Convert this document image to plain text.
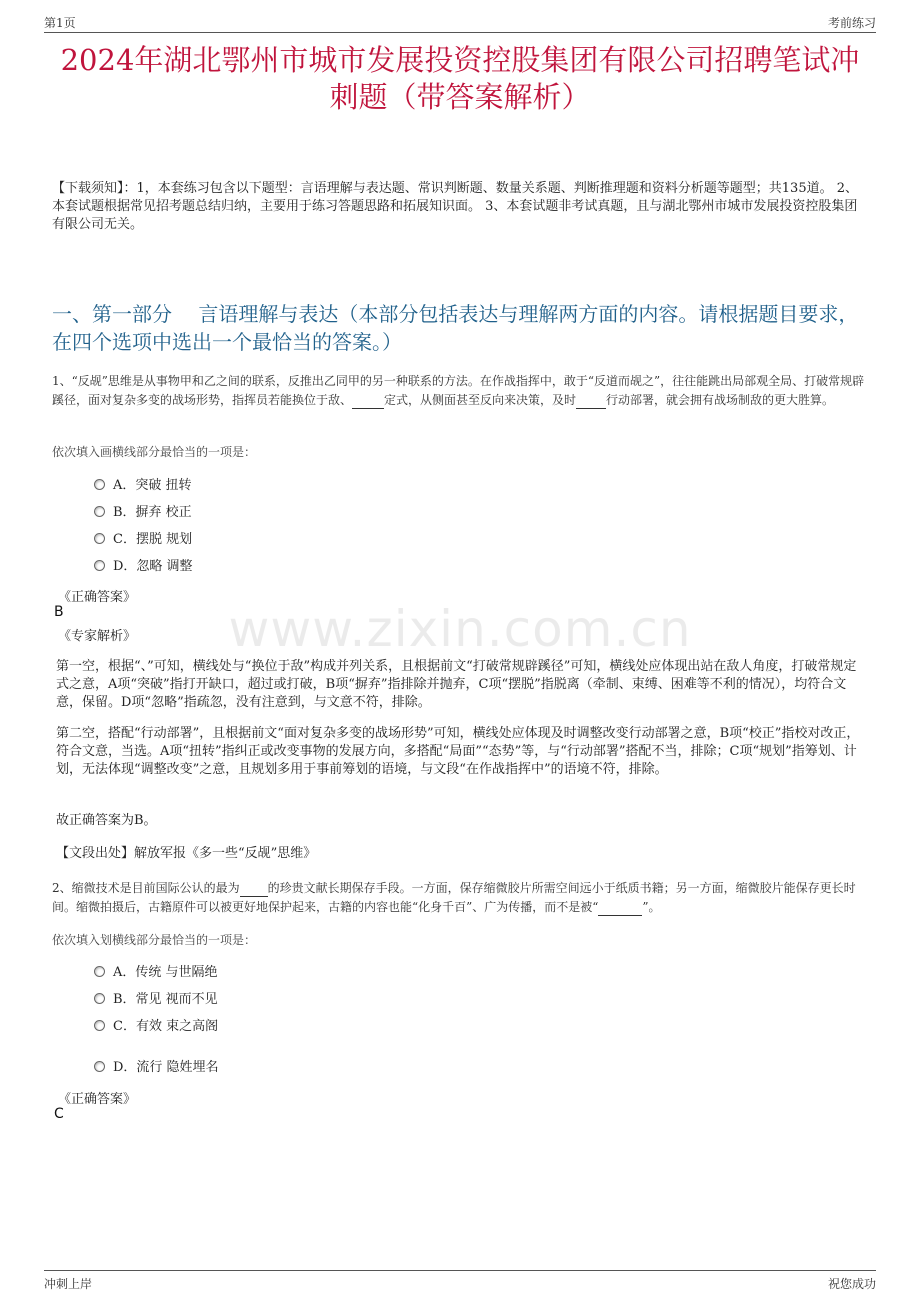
第1页	考前练习
2024年湖北鄂州市城市发展投资控股集团有限公司招聘笔试冲刺题（带答案解析）
【下载须知】：1，本套练习包含以下题型：言语理解与表达题、常识判断题、数量关系题、判断推理题和资料分析题等题型；共135道。 2、本套试题根据常见招考题总结归纳，主要用于练习答题思路和拓展知识面。 3、本套试题非考试真题，且与湖北鄂州市城市发展投资控股集团有限公司无关。
一、第一部分　 言语理解与表达（本部分包括表达与理解两方面的内容。请根据题目要求，在四个选项中选出一个最恰当的答案。）
1、“反觇”思维是从事物甲和乙之间的联系，反推出乙同甲的另一种联系的方法。在作战指挥中，敢于“反道而觇之”，往往能跳出局部观全局、打破常规辟蹊径，面对复杂多变的战场形势，指挥员若能换位于敌、	定式，从侧面甚至反向来决策，及时	行动部署，就会拥有战场制敌的更大胜算。
依次填入画横线部分最恰当的一项是：
A．突破 扭转
B．摒弃 校正
C．摆脱 规划
D．忽略 调整
《正确答案》
B
《专家解析》	www.zixin.com.cn
第一空，根据“、”可知，横线处与“换位于敌”构成并列关系，且根据前文“打破常规辟蹊径”可知，横线处应体现出站在敌人角度，打破常规定式之意，A项“突破”指打开缺口，超过或打破，B项“摒弃”指排除并抛弃，C项“摆脱”指脱离（牵制、束缚、困难等不利的情况），均符合文意，保留。D项“忽略”指疏忽，没有注意到，与文意不符，排除。
第二空，搭配“行动部署”，且根据前文“面对复杂多变的战场形势”可知，横线处应体现及时调整改变行动部署之意，B项“校正”指校对改正，符合文意，当选。A项“扭转”指纠正或改变事物的发展方向，多搭配“局面”“态势”等，与“行动部署”搭配不当，排除；C项“规划”指筹划、计划，无法体现“调整改变”之意，且规划多用于事前筹划的语境，与文段“在作战指挥中”的语境不符，排除。
故正确答案为B。
【文段出处】解放军报《多一些“反觇”思维》
2、缩微技术是目前国际公认的最为 的珍贵文献长期保存手段。一方面，保存缩微胶片所需空间远小于纸质书籍；另一方面，缩微胶片能保存更长时间。缩微拍摄后，古籍原件可以被更好地保护起来，古籍的内容也能“化身千百”、广为传播，而不是被“	”。
依次填入划横线部分最恰当的一项是：
A．传统 与世隔绝
B．常见 视而不见
C．有效 束之高阁
D．流行 隐姓埋名
《正确答案》
C
冲刺上岸	祝您成功
